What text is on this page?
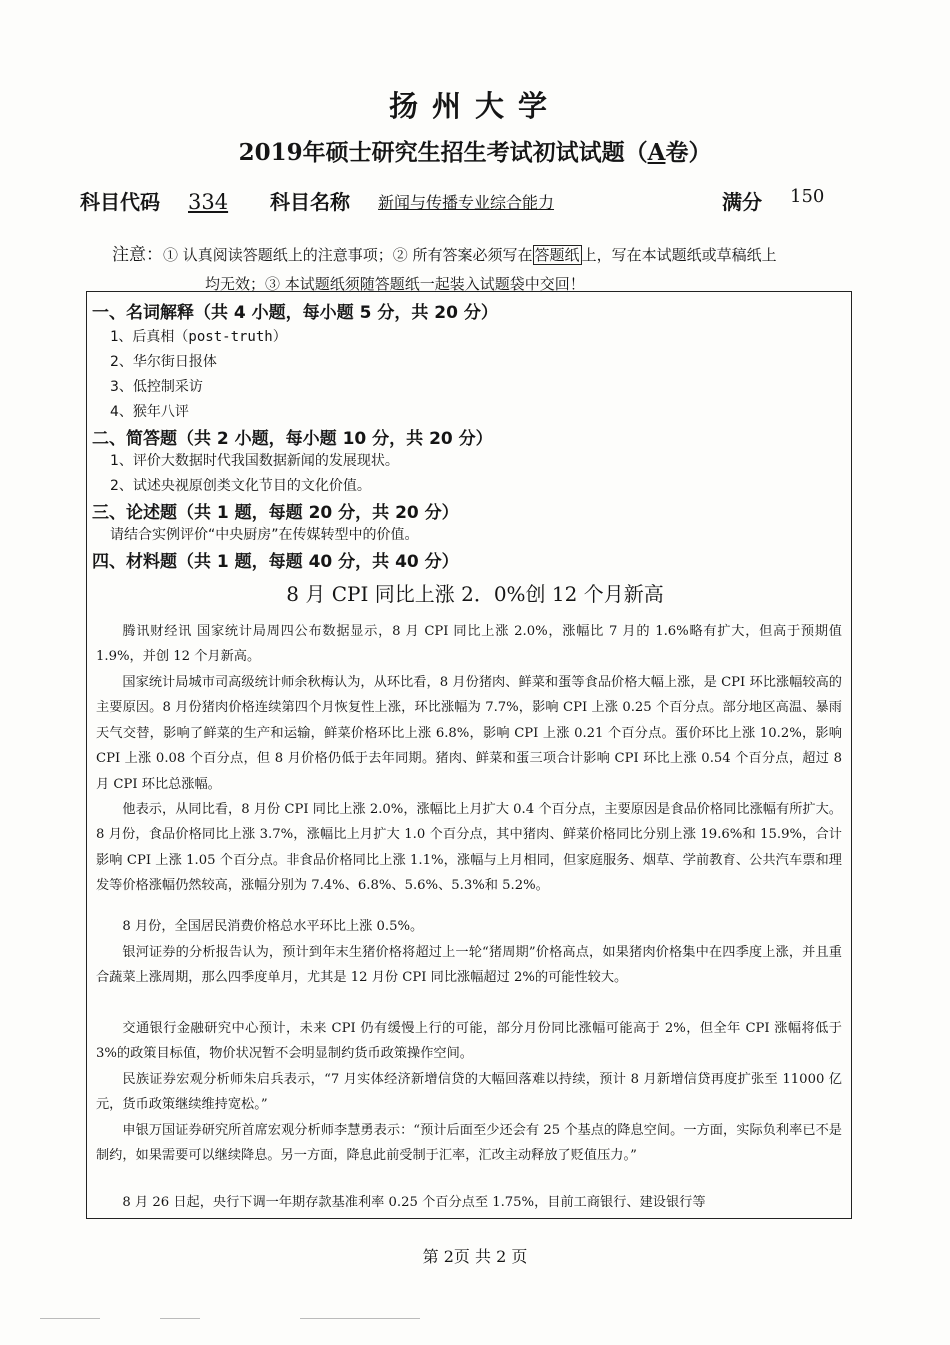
扬州大学
2019年硕士研究生招生考试初试试题（A卷）
科目代码 334 科目名称 新闻与传播专业综合能力	满分 150
注意：① 认真阅读答题纸上的注意事项；② 所有答案必须写在 答题纸 上，写在本试题纸或草稿纸上
均无效；③ 本试题纸须随答题纸一起装入试题袋中交回！
一、名词解释（共 4 小题，每小题 5 分，共 20 分）
1、后真相（post-truth）
2、华尔街日报体
3、低控制采访
4、猴年八评
二、简答题（共 2 小题，每小题 10 分，共 20 分）
1、评价大数据时代我国数据新闻的发展现状。
2、试述央视原创类文化节目的文化价值。
三、论述题（共 1 题，每题 20 分，共 20 分）
请结合实例评价“中央厨房”在传媒转型中的价值。
四、材料题（共 1 题，每题 40 分，共 40 分）
8 月 CPI 同比上涨 2．0%创 12 个月新高
腾讯财经讯 国家统计局周四公布数据显示，8 月 CPI 同比上涨 2.0%，涨幅比 7 月的 1.6%略有扩大，但高于预期值 1.9%，并创 12 个月新高。
国家统计局城市司高级统计师余秋梅认为，从环比看，8 月份猪肉、鲜菜和蛋等食品价格大幅上涨，是 CPI 环比涨幅较高的主要原因。8 月份猪肉价格连续第四个月恢复性上涨，环比涨幅为 7.7%，影响 CPI 上涨 0.25 个百分点。部分地区高温、暴雨天气交替，影响了鲜菜的生产和运输，鲜菜价格环比上涨 6.8%，影响 CPI 上涨 0.21 个百分点。蛋价环比上涨 10.2%，影响 CPI 上涨 0.08 个百分点，但 8 月价格仍低于去年同期。猪肉、鲜菜和蛋三项合计影响 CPI 环比上涨 0.54 个百分点，超过 8 月 CPI 环比总涨幅。
他表示，从同比看，8 月份 CPI 同比上涨 2.0%，涨幅比上月扩大 0.4 个百分点，主要原因是食品价格同比涨幅有所扩大。8 月份，食品价格同比上涨 3.7%，涨幅比上月扩大 1.0 个百分点，其中猪肉、鲜菜价格同比分别上涨 19.6%和 15.9%，合计影响 CPI 上涨 1.05 个百分点。非食品价格同比上涨 1.1%，涨幅与上月相同，但家庭服务、烟草、学前教育、公共汽车票和理发等价格涨幅仍然较高，涨幅分别为 7.4%、6.8%、5.6%、5.3%和 5.2%。
8 月份，全国居民消费价格总水平环比上涨 0.5%。
银河证券的分析报告认为，预计到年末生猪价格将超过上一轮“猪周期”价格高点，如果猪肉价格集中在四季度上涨，并且重合蔬菜上涨周期，那么四季度单月，尤其是 12 月份 CPI 同比涨幅超过 2%的可能性较大。
交通银行金融研究中心预计，未来 CPI 仍有缓慢上行的可能，部分月份同比涨幅可能高于 2%，但全年 CPI 涨幅将低于 3%的政策目标值，物价状况暂不会明显制约货币政策操作空间。
民族证券宏观分析师朱启兵表示，“7 月实体经济新增信贷的大幅回落难以持续，预计 8 月新增信贷再度扩张至 11000 亿元，货币政策继续维持宽松。”
申银万国证券研究所首席宏观分析师李慧勇表示：“预计后面至少还会有 25 个基点的降息空间。一方面，实际负利率已不是制约，如果需要可以继续降息。另一方面，降息此前受制于汇率，汇改主动释放了贬值压力。”
8 月 26 日起，央行下调一年期存款基准利率 0.25 个百分点至 1.75%，目前工商银行、建设银行等
第 2页 共 2 页
